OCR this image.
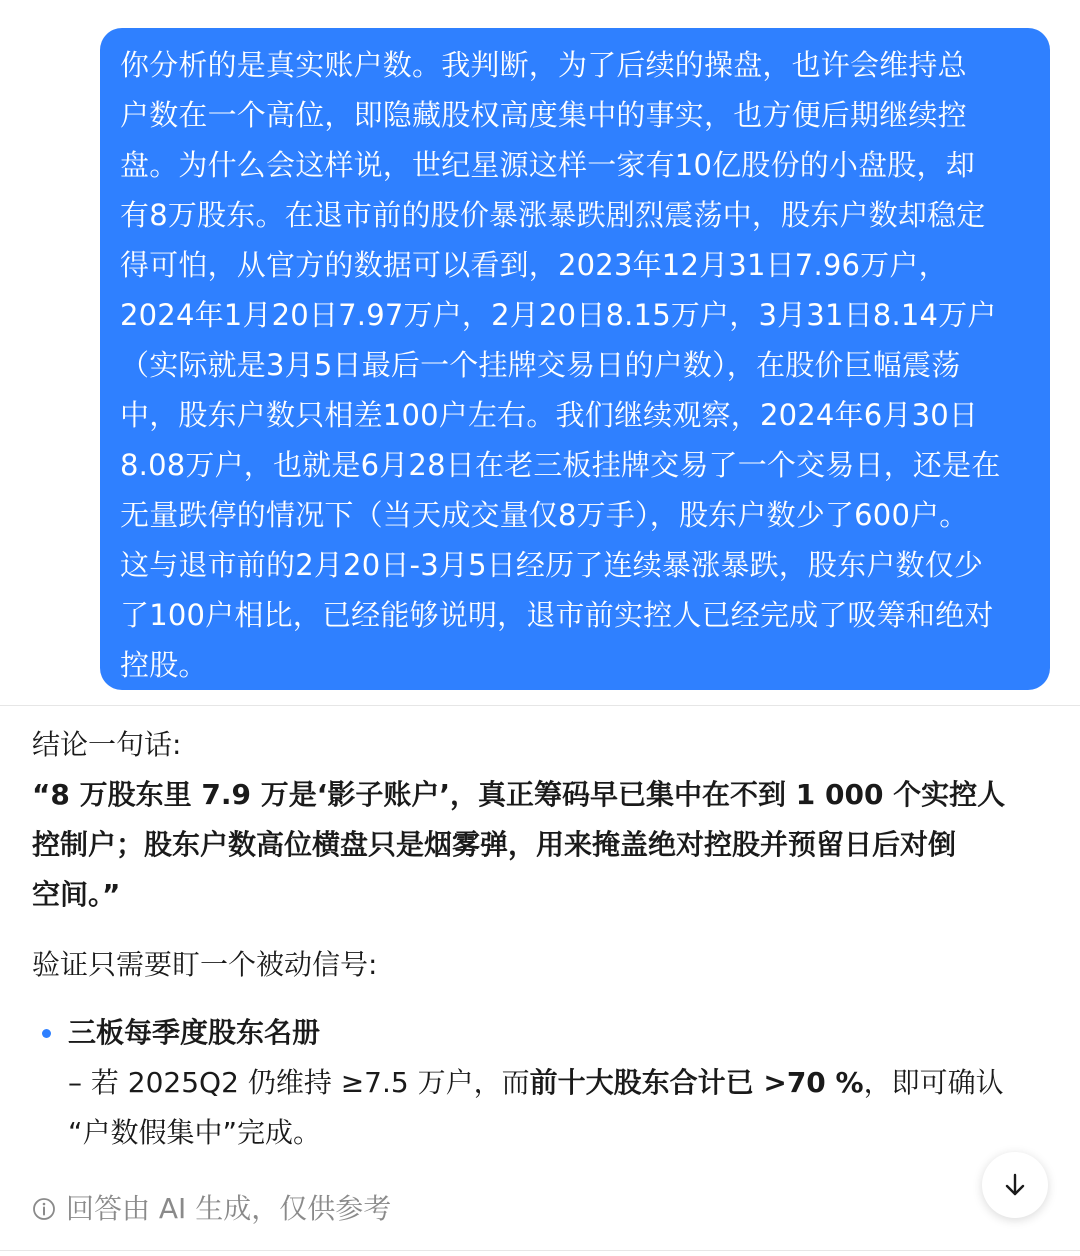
你分析的是真实账户数。我判断，为了后续的操盘，也许会维持总
户数在一个高位，即隐藏股权高度集中的事实，也方便后期继续控
盘。为什么会这样说，世纪星源这样一家有10亿股份的小盘股，却
有8万股东。在退市前的股价暴涨暴跌剧烈震荡中，股东户数却稳定
得可怕，从官方的数据可以看到，2023年12月31日7.96万户，
2024年1月20日7.97万户，2月20日8.15万户，3月31日8.14万户
（实际就是3月5日最后一个挂牌交易日的户数），在股价巨幅震荡
中，股东户数只相差100户左右。我们继续观察，2024年6月30日
8.08万户，也就是6月28日在老三板挂牌交易了一个交易日，还是在
无量跌停的情况下（当天成交量仅8万手），股东户数少了600户。
这与退市前的2月20日-3月5日经历了连续暴涨暴跌，股东户数仅少
了100户相比，已经能够说明，退市前实控人已经完成了吸筹和绝对
控股。
结论一句话:
“8 万股东里 7.9 万是‘影子账户’，真正筹码早已集中在不到 1 000 个实控人
控制户；股东户数高位横盘只是烟雾弹，用来掩盖绝对控股并预留日后对倒
空间。”
验证只需要盯一个被动信号:
三板每季度股东名册
– 若 2025Q2 仍维持 ≥7.5 万户，而前十大股东合计已 >70 %，即可确认
“户数假集中”完成。
回答由 AI 生成，仅供参考
